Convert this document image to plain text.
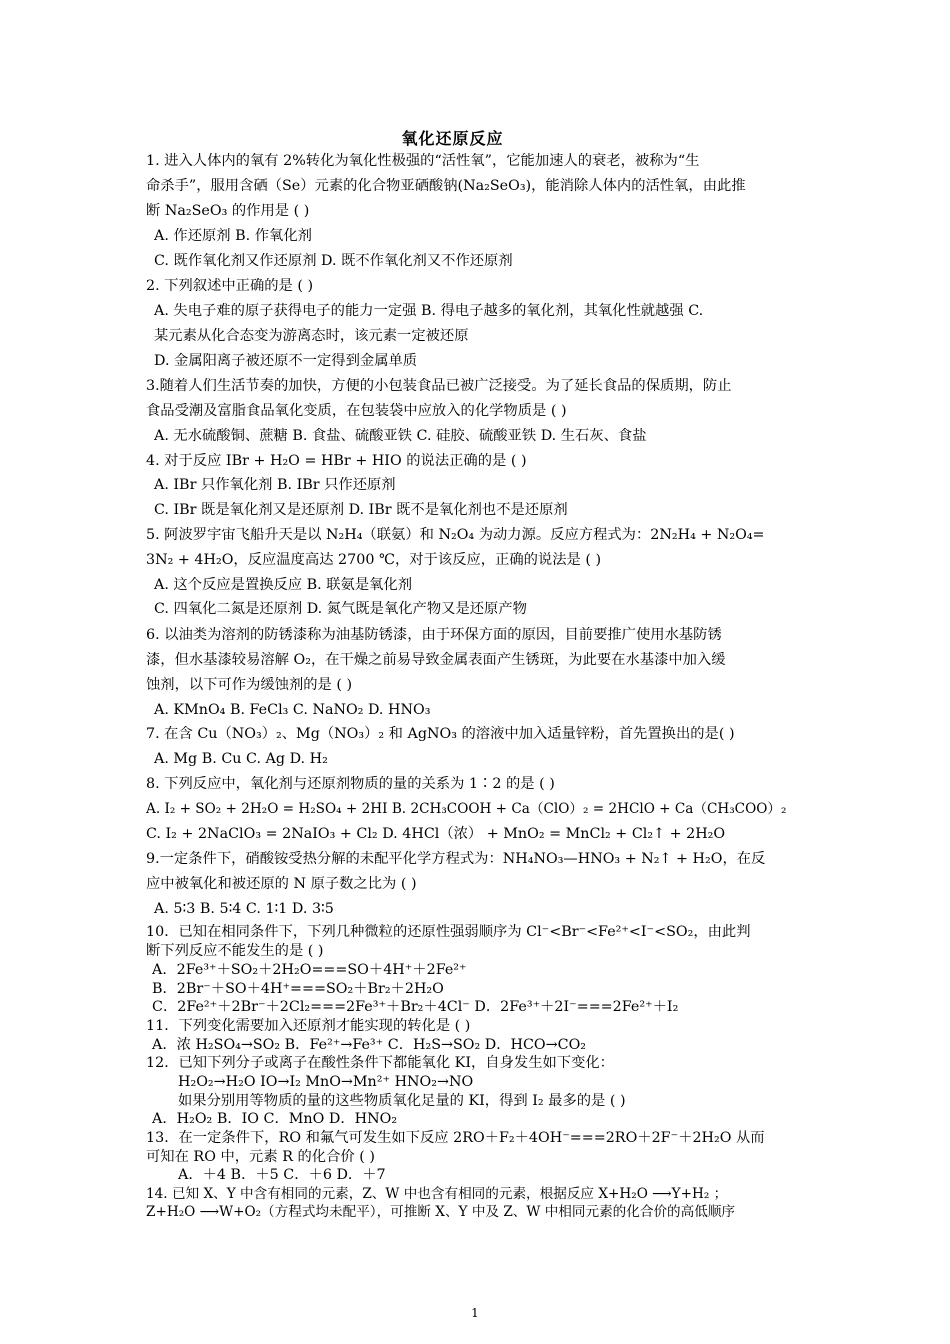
氧化还原反应
1. 进入人体内的氧有 2%转化为氧化性极强的“活性氧”，它能加速人的衰老，被称为“生
命杀手”，服用含硒（Se）元素的化合物亚硒酸钠(Na₂SeO₃)，能消除人体内的活性氧，由此推
断 Na₂SeO₃ 的作用是 ( )
A. 作还原剂 B. 作氧化剂
C. 既作氧化剂又作还原剂 D. 既不作氧化剂又不作还原剂
2. 下列叙述中正确的是 ( )
A. 失电子难的原子获得电子的能力一定强 B. 得电子越多的氧化剂，其氧化性就越强 C.
某元素从化合态变为游离态时，该元素一定被还原
D. 金属阳离子被还原不一定得到金属单质
3.随着人们生活节奏的加快，方便的小包装食品已被广泛接受。为了延长食品的保质期，防止
食品受潮及富脂食品氧化变质，在包装袋中应放入的化学物质是 ( )
A. 无水硫酸铜、蔗糖 B. 食盐、硫酸亚铁 C. 硅胶、硫酸亚铁 D. 生石灰、食盐
4. 对于反应 IBr + H₂O = HBr + HIO 的说法正确的是 ( )
A. IBr 只作氧化剂 B. IBr 只作还原剂
C. IBr 既是氧化剂又是还原剂 D. IBr 既不是氧化剂也不是还原剂
5. 阿波罗宇宙飞船升天是以 N₂H₄（联氨）和 N₂O₄ 为动力源。反应方程式为：2N₂H₄ + N₂O₄=
3N₂ + 4H₂O，反应温度高达 2700 ℃，对于该反应，正确的说法是 ( )
A. 这个反应是置换反应 B. 联氨是氧化剂
C. 四氧化二氮是还原剂 D. 氮气既是氧化产物又是还原产物
6. 以油类为溶剂的防锈漆称为油基防锈漆，由于环保方面的原因，目前要推广使用水基防锈
漆，但水基漆较易溶解 O₂，在干燥之前易导致金属表面产生锈斑，为此要在水基漆中加入缓
蚀剂，以下可作为缓蚀剂的是 ( )
A. KMnO₄ B. FeCl₃ C. NaNO₂ D. HNO₃
7. 在含 Cu（NO₃）₂、Mg（NO₃）₂ 和 AgNO₃ 的溶液中加入适量锌粉，首先置换出的是( )
A. Mg B. Cu C. Ag D. H₂
8. 下列反应中，氧化剂与还原剂物质的量的关系为 1∶2 的是 ( )
A. I₂ + SO₂ + 2H₂O = H₂SO₄ + 2HI B. 2CH₃COOH + Ca（ClO）₂ = 2HClO + Ca（CH₃COO）₂
C. I₂ + 2NaClO₃ = 2NaIO₃ + Cl₂ D. 4HCl（浓） + MnO₂ = MnCl₂ + Cl₂↑ + 2H₂O
9.一定条件下，硝酸铵受热分解的未配平化学方程式为：NH₄NO₃—HNO₃ + N₂↑ + H₂O，在反
应中被氧化和被还原的 N 原子数之比为 ( )
A. 5∶3 B. 5∶4 C. 1∶1 D. 3∶5
10．已知在相同条件下，下列几种微粒的还原性强弱顺序为 Cl⁻<Br⁻<Fe²⁺<I⁻<SO₂，由此判
断下列反应不能发生的是 ( )
A．2Fe³⁺＋SO₂＋2H₂O===SO＋4H⁺＋2Fe²⁺
B．2Br⁻＋SO＋4H⁺===SO₂＋Br₂＋2H₂O
C．2Fe²⁺＋2Br⁻＋2Cl₂===2Fe³⁺＋Br₂＋4Cl⁻ D．2Fe³⁺＋2I⁻===2Fe²⁺＋I₂
11．下列变化需要加入还原剂才能实现的转化是 ( )
A．浓 H₂SO₄→SO₂ B．Fe²⁺→Fe³⁺ C．H₂S→SO₂ D．HCO→CO₂
12．已知下列分子或离子在酸性条件下都能氧化 KI，自身发生如下变化：
H₂O₂→H₂O IO→I₂ MnO→Mn²⁺ HNO₂→NO
如果分别用等物质的量的这些物质氧化足量的 KI，得到 I₂ 最多的是 ( )
A．H₂O₂ B．IO C．MnO D．HNO₂
13．在一定条件下，RO 和氟气可发生如下反应 2RO＋F₂＋4OH⁻===2RO＋2F⁻＋2H₂O 从而
可知在 RO 中，元素 R 的化合价 ( )
A．＋4 B．＋5 C．＋6 D．＋7
14. 已知 X、Y 中含有相同的元素，Z、W 中也含有相同的元素，根据反应 X+H₂O ⟶Y+H₂ ；
Z+H₂O ⟶W+O₂（方程式均未配平），可推断 X、Y 中及 Z、W 中相同元素的化合价的高低顺序
1
